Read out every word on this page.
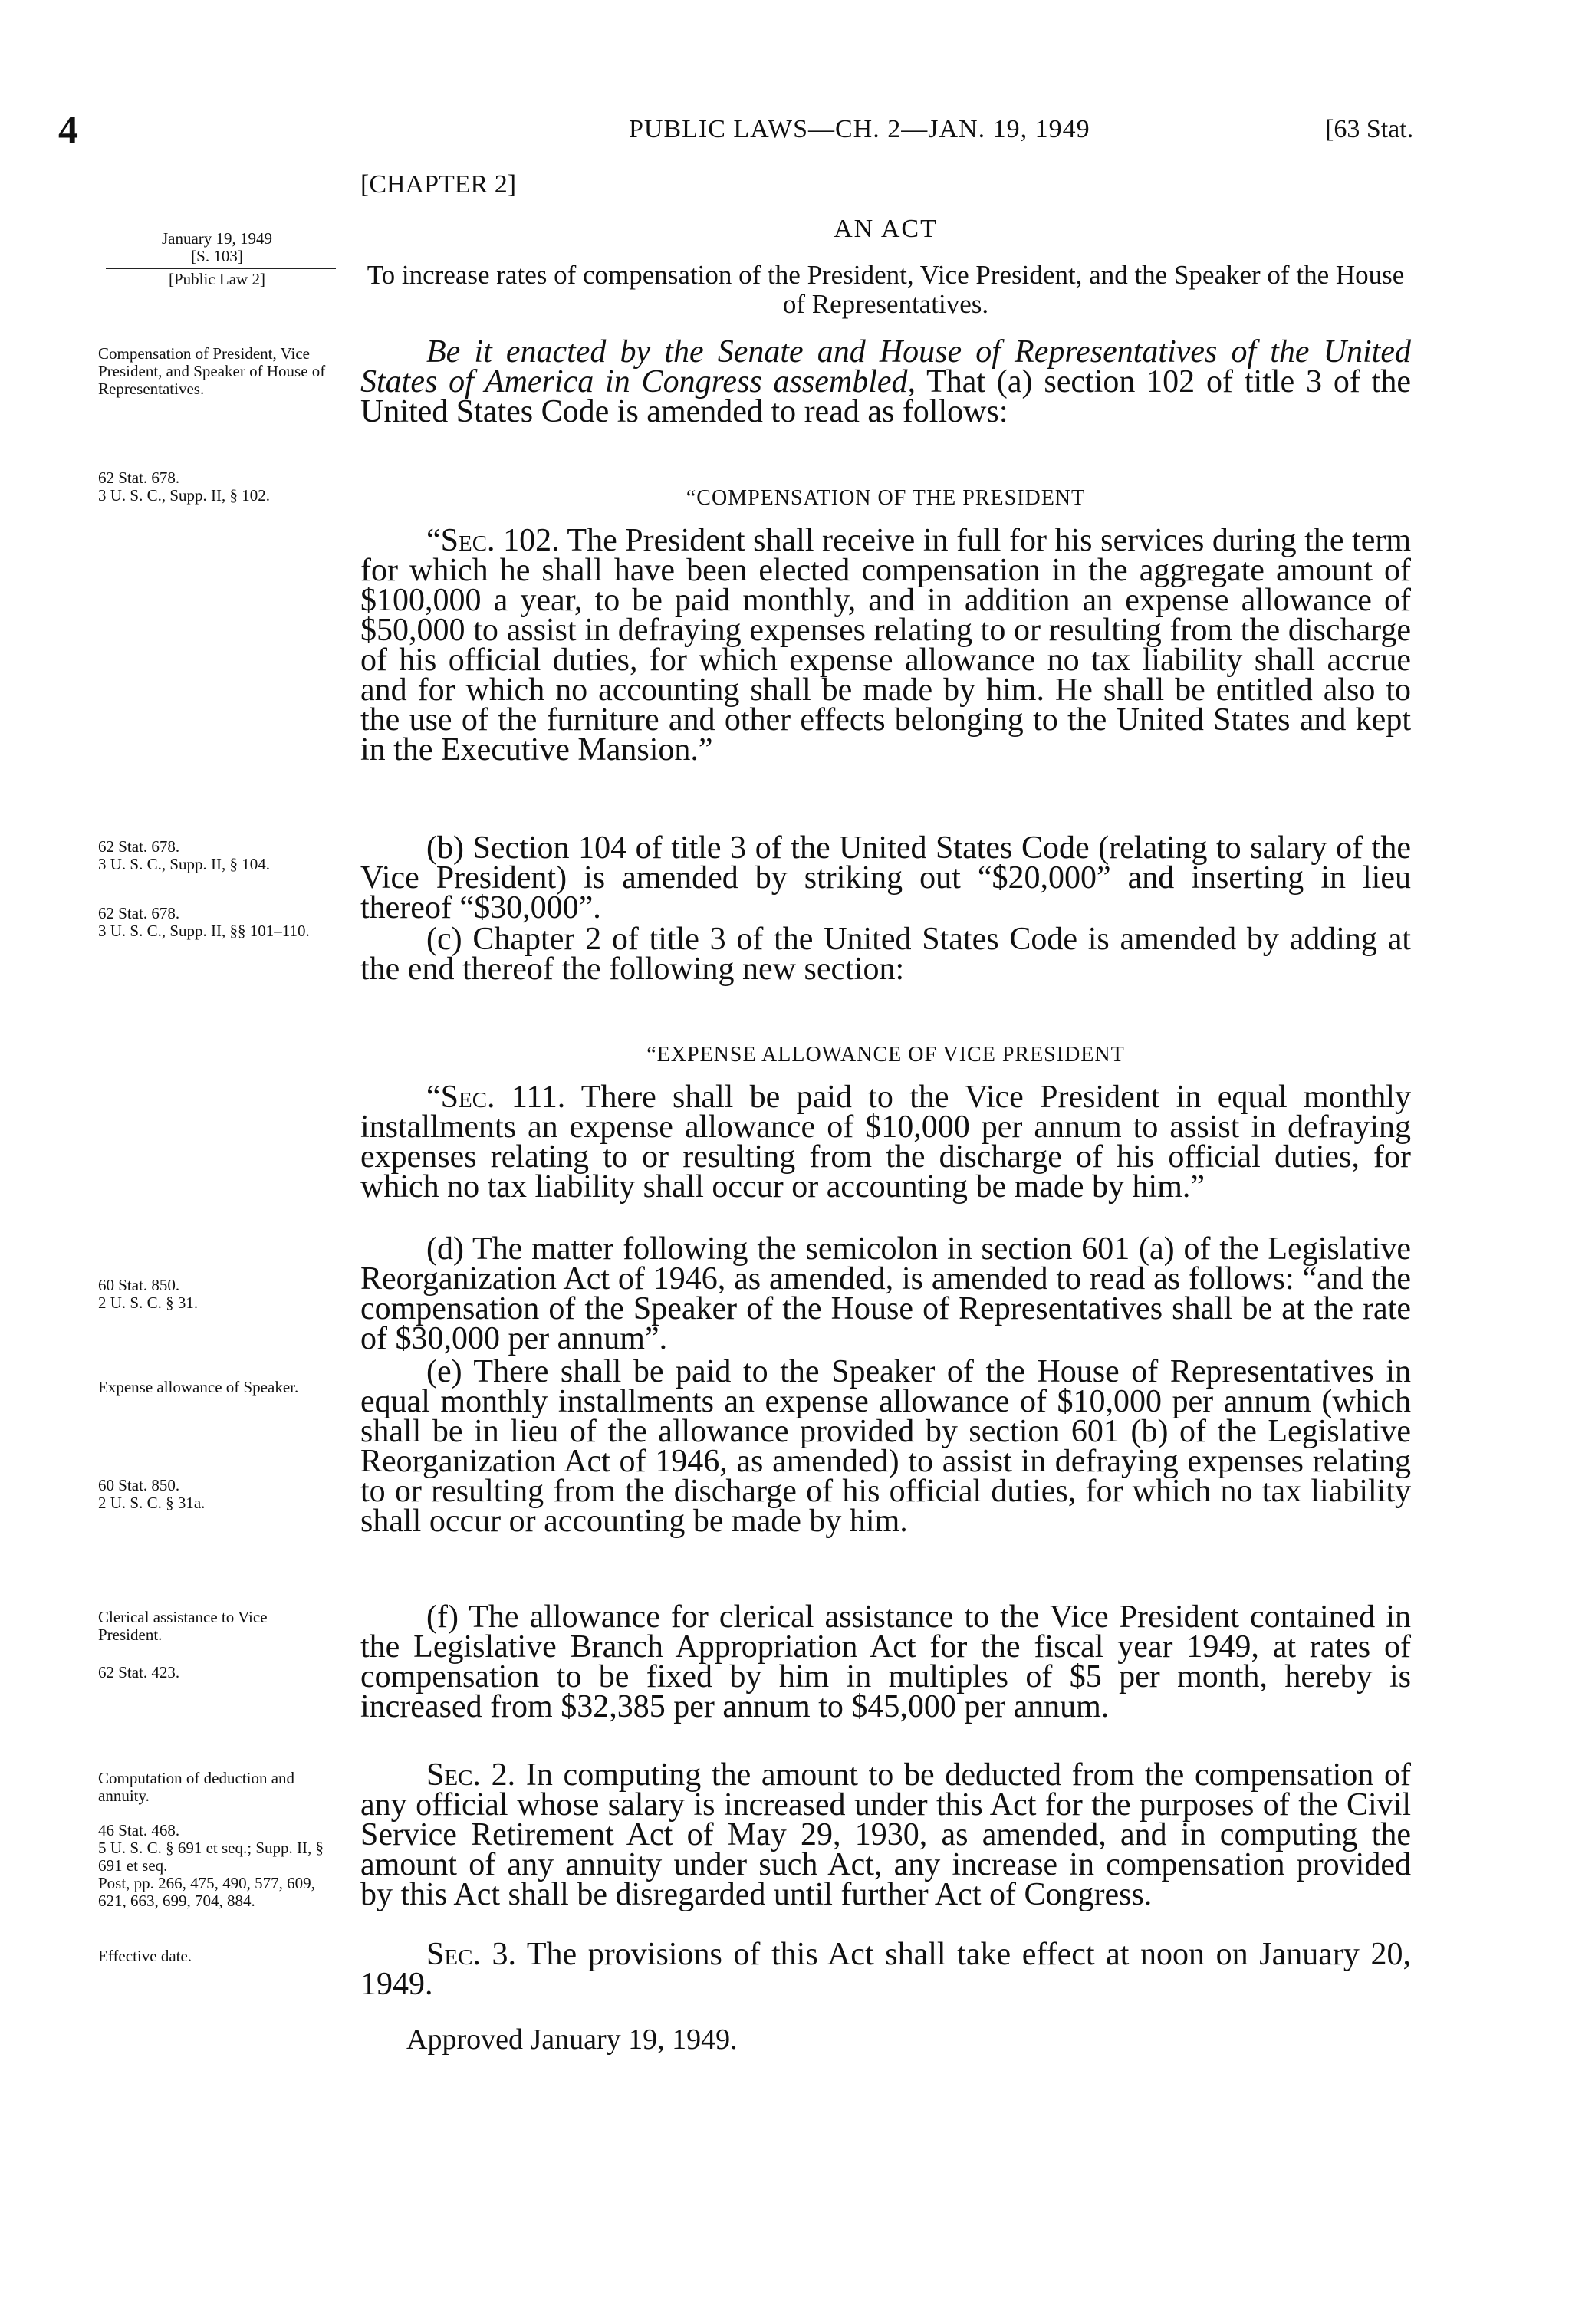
4	PUBLIC LAWS—CH. 2—JAN. 19, 1949	[63 Stat.
January 19, 1949
[S. 103]
[Public Law 2]
Compensation of President, Vice President, and Speaker of House of Representatives.
62 Stat. 678.
3 U. S. C., Supp. II, § 102.
62 Stat. 678.
3 U. S. C., Supp. II, § 104.
62 Stat. 678.
3 U. S. C., Supp. II, §§ 101–110.
60 Stat. 850.
2 U. S. C. § 31.
Expense allowance of Speaker.
60 Stat. 850.
2 U. S. C. § 31a.
Clerical assistance to Vice President.
62 Stat. 423.
Computation of deduction and annuity.
46 Stat. 468.
5 U. S. C. § 691 et seq.; Supp. II, § 691 et seq.
Post, pp. 266, 475, 490, 577, 609, 621, 663, 699, 704, 884.
Effective date.
[CHAPTER 2]
AN ACT
To increase rates of compensation of the President, Vice President, and the Speaker of the House of Representatives.
Be it enacted by the Senate and House of Representatives of the United States of America in Congress assembled, That (a) section 102 of title 3 of the United States Code is amended to read as follows:
“COMPENSATION OF THE PRESIDENT
“Sec. 102. The President shall receive in full for his services during the term for which he shall have been elected compensation in the aggregate amount of $100,000 a year, to be paid monthly, and in addition an expense allowance of $50,000 to assist in defraying expenses relating to or resulting from the discharge of his official duties, for which expense allowance no tax liability shall accrue and for which no accounting shall be made by him. He shall be entitled also to the use of the furniture and other effects belonging to the United States and kept in the Executive Mansion.”
(b) Section 104 of title 3 of the United States Code (relating to salary of the Vice President) is amended by striking out “$20,000” and inserting in lieu thereof “$30,000”.
(c) Chapter 2 of title 3 of the United States Code is amended by adding at the end thereof the following new section:
“EXPENSE ALLOWANCE OF VICE PRESIDENT
“Sec. 111. There shall be paid to the Vice President in equal monthly installments an expense allowance of $10,000 per annum to assist in defraying expenses relating to or resulting from the discharge of his official duties, for which no tax liability shall occur or accounting be made by him.”
(d) The matter following the semicolon in section 601 (a) of the Legislative Reorganization Act of 1946, as amended, is amended to read as follows: “and the compensation of the Speaker of the House of Representatives shall be at the rate of $30,000 per annum”.
(e) There shall be paid to the Speaker of the House of Representatives in equal monthly installments an expense allowance of $10,000 per annum (which shall be in lieu of the allowance provided by section 601 (b) of the Legislative Reorganization Act of 1946, as amended) to assist in defraying expenses relating to or resulting from the discharge of his official duties, for which no tax liability shall occur or accounting be made by him.
(f) The allowance for clerical assistance to the Vice President contained in the Legislative Branch Appropriation Act for the fiscal year 1949, at rates of compensation to be fixed by him in multiples of $5 per month, hereby is increased from $32,385 per annum to $45,000 per annum.
Sec. 2. In computing the amount to be deducted from the compensation of any official whose salary is increased under this Act for the purposes of the Civil Service Retirement Act of May 29, 1930, as amended, and in computing the amount of any annuity under such Act, any increase in compensation provided by this Act shall be disregarded until further Act of Congress.
Sec. 3. The provisions of this Act shall take effect at noon on January 20, 1949.
Approved January 19, 1949.
